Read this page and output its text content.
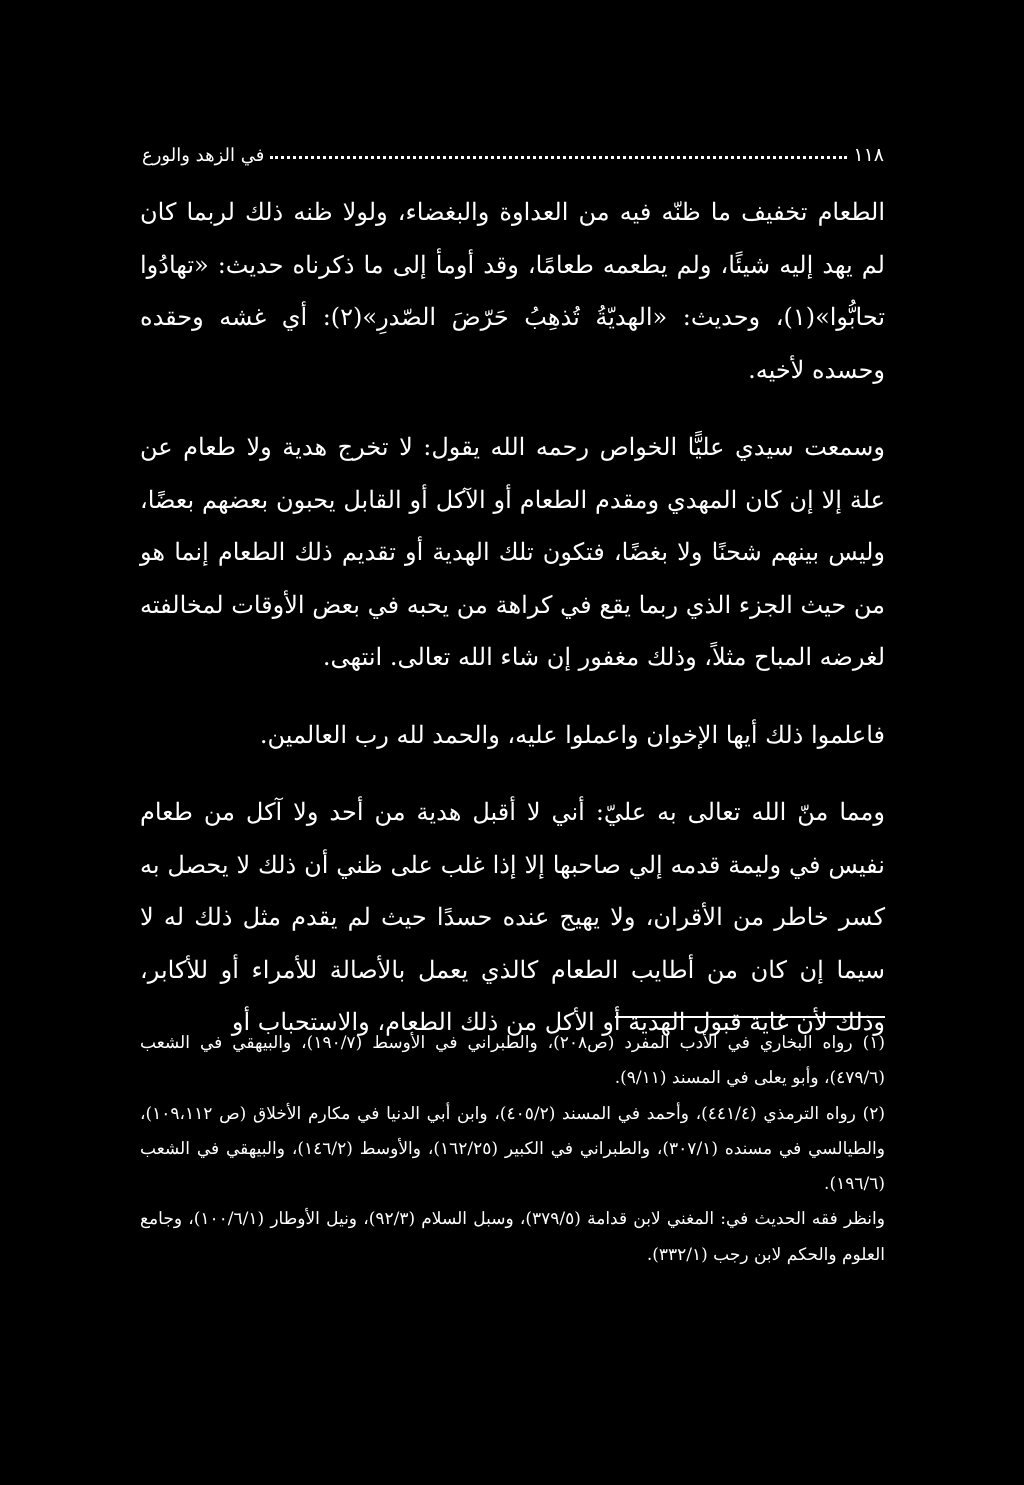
١١٨
في الزهد والورع

الطعام تخفيف ما ظنّه فيه من العداوة والبغضاء، ولولا ظنه ذلك لربما كان لم يهد إليه شيئًا، ولم يطعمه طعامًا، وقد أومأ إلى ما ذكرناه حديث: «تهادُوا تحابُّوا»(١)، وحديث: «الهديّةُ تُذهِبُ حَرّضَ الصّدرِ»(٢): أي غشه وحقده وحسده لأخيه.

وسمعت سيدي عليًّا الخواص رحمه الله يقول: لا تخرج هدية ولا طعام عن علة إلا إن كان المهدي ومقدم الطعام أو الآكل أو القابل يحبون بعضهم بعضًا، وليس بينهم شحنًا ولا بغضًا، فتكون تلك الهدية أو تقديم ذلك الطعام إنما هو من حيث الجزء الذي ربما يقع في كراهة من يحبه في بعض الأوقات لمخالفته لغرضه المباح مثلاً، وذلك مغفور إن شاء الله تعالى. انتهى.

فاعلموا ذلك أيها الإخوان واعملوا عليه، والحمد لله رب العالمين.

ومما منّ الله تعالى به عليّ: أني لا أقبل هدية من أحد ولا آكل من طعام نفيس في وليمة قدمه إلي صاحبها إلا إذا غلب على ظني أن ذلك لا يحصل به كسر خاطر من الأقران، ولا يهيج عنده حسدًا حيث لم يقدم مثل ذلك له لا سيما إن كان من أطايب الطعام كالذي يعمل بالأصالة للأمراء أو للأكابر، وذلك لأن غاية قبول الهدية أو الأكل من ذلك الطعام، والاستحباب أو

(١) رواه البخاري في الأدب المفرد (ص٢٠٨)، والطبراني في الأوسط (١٩٠/٧)، والبيهقي في الشعب (٤٧٩/٦)، وأبو يعلى في المسند (٩/١١).

(٢) رواه الترمذي (٤٤١/٤)، وأحمد في المسند (٤٠٥/٢)، وابن أبي الدنيا في مكارم الأخلاق (ص ١٠٩،١١٢)، والطيالسي في مسنده (٣٠٧/١)، والطبراني في الكبير (١٦٢/٢٥)، والأوسط (١٤٦/٢)، والبيهقي في الشعب (١٩٦/٦).

وانظر فقه الحديث في: المغني لابن قدامة (٣٧٩/٥)، وسبل السلام (٩٢/٣)، ونيل الأوطار (١٠٠/٦/١)، وجامع العلوم والحكم لابن رجب (٣٣٢/١).
